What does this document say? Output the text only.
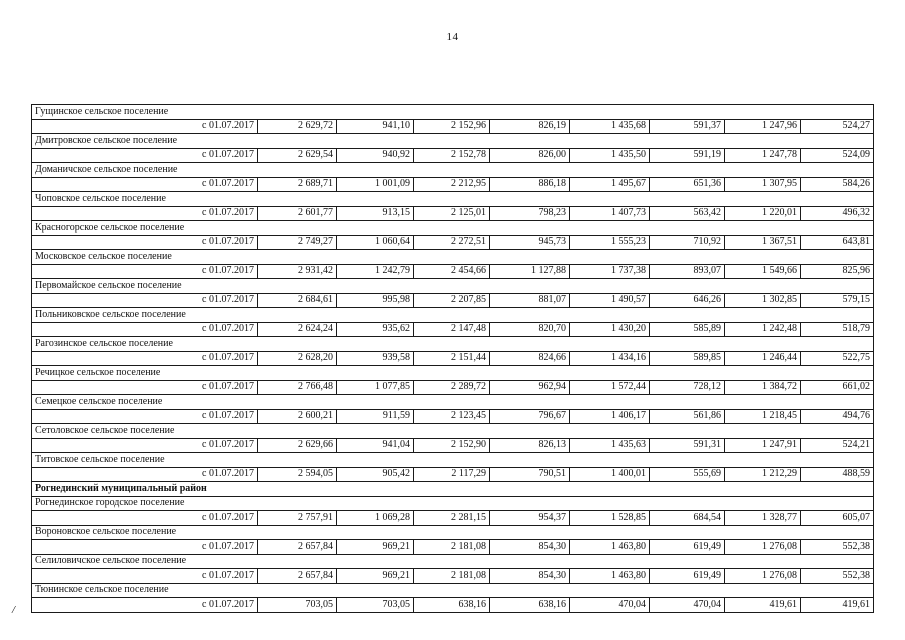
14
Гущинское сельское поселение								
с 01.07.2017	2 629,72	941,10	2 152,96	826,19	1 435,68	591,37	1 247,96	524,27
Дмитровское сельское поселение								
с 01.07.2017	2 629,54	940,92	2 152,78	826,00	1 435,50	591,19	1 247,78	524,09
Доманичское сельское поселение								
с 01.07.2017	2 689,71	1 001,09	2 212,95	886,18	1 495,67	651,36	1 307,95	584,26
Чоповское сельское поселение								
с 01.07.2017	2 601,77	913,15	2 125,01	798,23	1 407,73	563,42	1 220,01	496,32
Красногорское сельское поселение								
с 01.07.2017	2 749,27	1 060,64	2 272,51	945,73	1 555,23	710,92	1 367,51	643,81
Московское сельское поселение								
с 01.07.2017	2 931,42	1 242,79	2 454,66	1 127,88	1 737,38	893,07	1 549,66	825,96
Первомайское сельское поселение								
с 01.07.2017	2 684,61	995,98	2 207,85	881,07	1 490,57	646,26	1 302,85	579,15
Польниковское сельское поселение								
с 01.07.2017	2 624,24	935,62	2 147,48	820,70	1 430,20	585,89	1 242,48	518,79
Рагозинское сельское поселение								
с 01.07.2017	2 628,20	939,58	2 151,44	824,66	1 434,16	589,85	1 246,44	522,75
Речицкое сельское поселение								
с 01.07.2017	2 766,48	1 077,85	2 289,72	962,94	1 572,44	728,12	1 384,72	661,02
Семецкое сельское поселение								
с 01.07.2017	2 600,21	911,59	2 123,45	796,67	1 406,17	561,86	1 218,45	494,76
Сетоловское сельское поселение								
с 01.07.2017	2 629,66	941,04	2 152,90	826,13	1 435,63	591,31	1 247,91	524,21
Титовское сельское поселение								
с 01.07.2017	2 594,05	905,42	2 117,29	790,51	1 400,01	555,69	1 212,29	488,59
Рогнединский муниципальный район								
Рогнединское городское поселение								
с 01.07.2017	2 757,91	1 069,28	2 281,15	954,37	1 528,85	684,54	1 328,77	605,07
Вороновское сельское поселение								
с 01.07.2017	2 657,84	969,21	2 181,08	854,30	1 463,80	619,49	1 276,08	552,38
Селиловичское сельское поселение								
с 01.07.2017	2 657,84	969,21	2 181,08	854,30	1 463,80	619,49	1 276,08	552,38
Тюнинское сельское поселение								
с 01.07.2017	703,05	703,05	638,16	638,16	470,04	470,04	419,61	419,61
/
